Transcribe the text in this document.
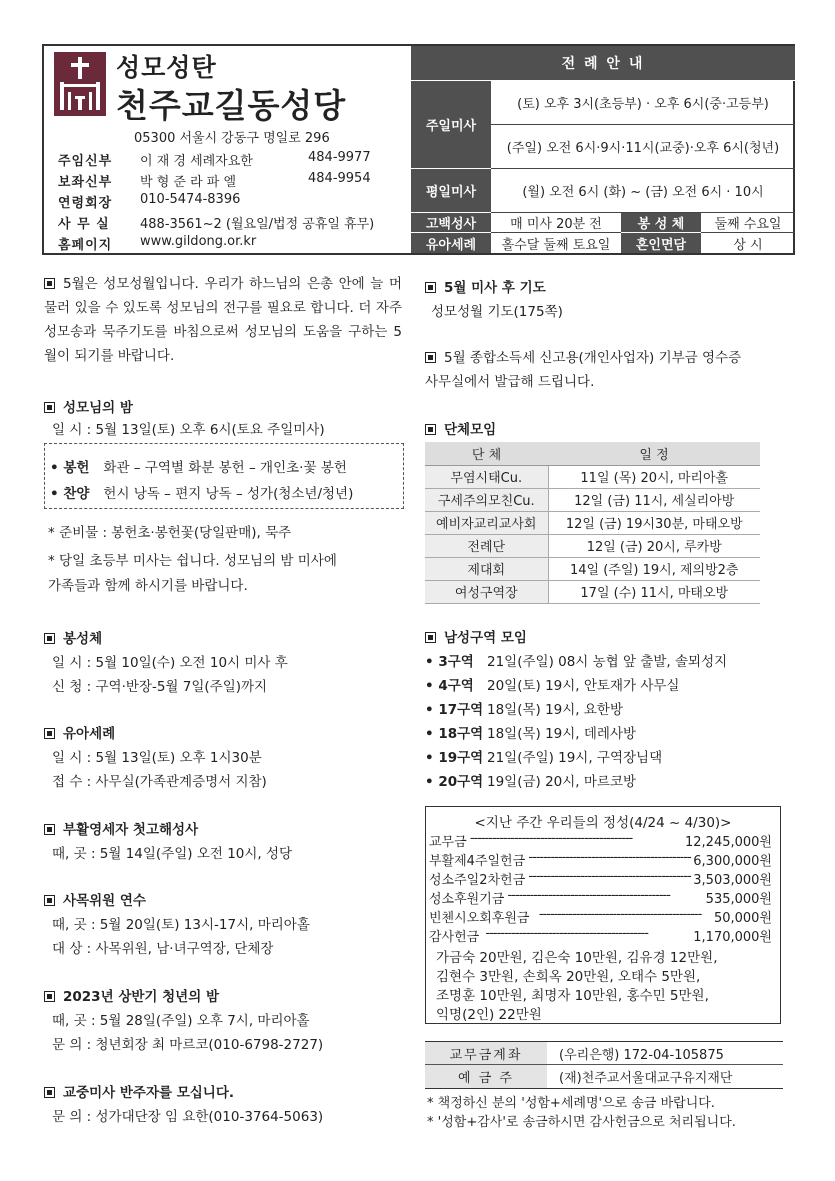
성모성탄
천주교길동성당
05300 서울시 강동구 명일로 296
주임신부	이 재 경 세례자요한	484-9977
보좌신부	박 형 준 라 파 엘	484-9954
연령회장	010-5474-8396
사 무 실	488-3561~2 (월요일/법정 공휴일 휴무)
홈페이지	www.gildong.or.kr
전 례 안 내
주일미사
(토) 오후 3시(초등부) · 오후 6시(중·고등부)
(주일) 오전 6시·9시·11시(교중)·오후 6시(청년)
평일미사	(월) 오전 6시 (화) ~ (금) 오전 6시 · 10시
고백성사	매 미사 20분 전	봉 성 체	둘째 수요일
유아세례	홀수달 둘째 토요일	혼인면담	상 시
5월은 성모성월입니다. 우리가 하느님의 은총 안에 늘 머물러 있을 수 있도록 성모님의 전구를 필요로 합니다. 더 자주 성모송과 묵주기도를 바침으로써 성모님의 도움을 구하는 5월이 되기를 바랍니다.
성모님의 밤
일 시 : 5월 13일(토) 오후 6시(토요 주일미사)
• 봉헌 화관 – 구역별 화분 봉헌 – 개인초·꽃 봉헌
• 찬양 헌시 낭독 – 편지 낭독 – 성가(청소년/청년)
* 준비물 : 봉헌초·봉헌꽃(당일판매), 묵주
* 당일 초등부 미사는 쉽니다. 성모님의 밤 미사에
가족들과 함께 하시기를 바랍니다.
봉성체
일 시 : 5월 10일(수) 오전 10시 미사 후
신 청 : 구역·반장-5월 7일(주일)까지
유아세례
일 시 : 5월 13일(토) 오후 1시30분
접 수 : 사무실(가족관계증명서 지참)
부활영세자 첫고해성사
때, 곳 : 5월 14일(주일) 오전 10시, 성당
사목위원 연수
때, 곳 : 5월 20일(토) 13시-17시, 마리아홀
대 상 : 사목위원, 남·녀구역장, 단체장
2023년 상반기 청년의 밤
때, 곳 : 5월 28일(주일) 오후 7시, 마리아홀
문 의 : 청년회장 최 마르코(010-6798-2727)
교중미사 반주자를 모십니다.
문 의 : 성가대단장 임 요한(010-3764-5063)
5월 미사 후 기도
성모성월 기도(175쪽)
5월 종합소득세 신고용(개인사업자) 기부금 영수증
사무실에서 발급해 드립니다.
단체모임
단 체	일 정
무염시태Cu.	11일 (목) 20시, 마리아홀
구세주의모친Cu.	12일 (금) 11시, 세실리아방
예비자교리교사회	12일 (금) 19시30분, 마태오방
전례단	12일 (금) 20시, 루카방
제대회	14일 (주일) 19시, 제의방2층
여성구역장	17일 (수) 11시, 마태오방
남성구역 모임
• 3구역 21일(주일) 08시 농협 앞 출발, 솔뫼성지
• 4구역 20일(토) 19시, 안토재가 사무실
• 17구역 18일(목) 19시, 요한방
• 18구역 18일(목) 19시, 데레사방
• 19구역 21일(주일) 19시, 구역장님댁
• 20구역 19일(금) 20시, 마르코방
<지난 주간 우리들의 정성(4/24 ~ 4/30)>
교무금 --------------------------------------------	12,245,000원
부활제4주일헌금 -------------------------------------------- 6,300,000원
성소주일2차헌금 -------------------------------------------- 3,503,000원
성소후원기금 --------------------------------------------	535,000원
빈첸시오회후원금 -------------------------------------------- 50,000원
감사헌금 --------------------------------------------	1,170,000원
가금숙 20만원, 김은숙 10만원, 김유경 12만원,
김현수 3만원, 손희옥 20만원, 오태수 5만원,
조명훈 10만원, 최명자 10만원, 홍수민 5만원,
익명(2인) 22만원
교무금계좌	(우리은행) 172-04-105875
예 금 주	(재)천주교서울대교구유지재단
* 책정하신 분의 '성함+세례명'으로 송금 바랍니다.
* '성함+감사'로 송금하시면 감사헌금으로 처리됩니다.
